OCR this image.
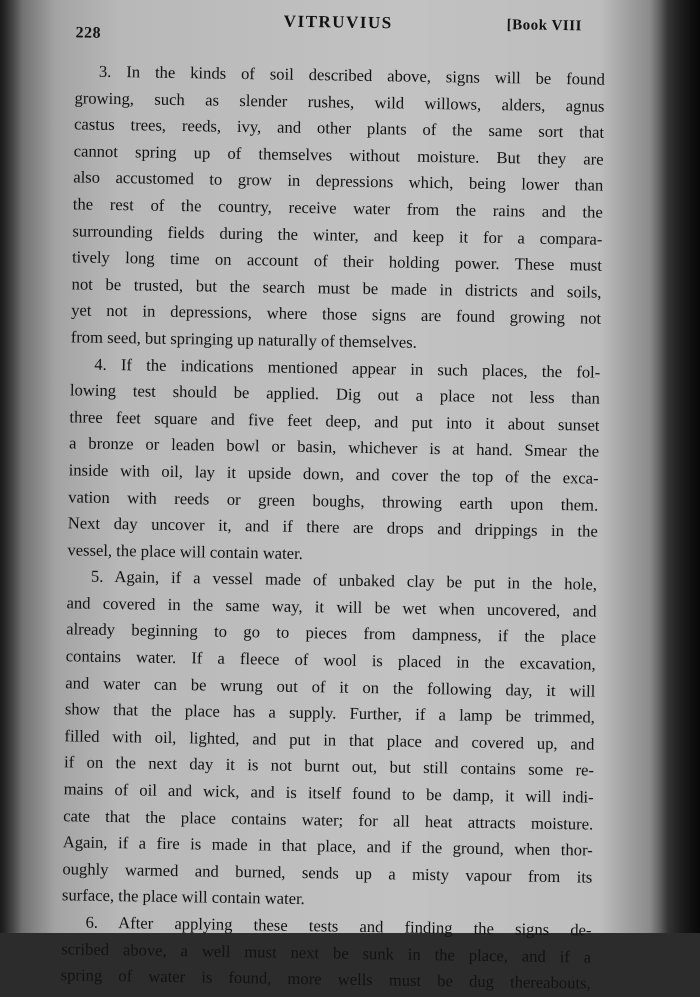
228
VITRUVIUS	[Book VIII
3. In the kinds of soil described above, signs will be found
growing, such as slender rushes, wild willows, alders, agnus
castus trees, reeds, ivy, and other plants of the same sort that
cannot spring up of themselves without moisture. But they are
also accustomed to grow in depressions which, being lower than
the rest of the country, receive water from the rains and the
surrounding fields during the winter, and keep it for a compara-
tively long time on account of their holding power. These must
not be trusted, but the search must be made in districts and soils,
yet not in depressions, where those signs are found growing not
from seed, but springing up naturally of themselves.
4. If the indications mentioned appear in such places, the fol-
lowing test should be applied. Dig out a place not less than
three feet square and five feet deep, and put into it about sunset
a bronze or leaden bowl or basin, whichever is at hand. Smear the
inside with oil, lay it upside down, and cover the top of the exca-
vation with reeds or green boughs, throwing earth upon them.
Next day uncover it, and if there are drops and drippings in the
vessel, the place will contain water.
5. Again, if a vessel made of unbaked clay be put in the hole,
and covered in the same way, it will be wet when uncovered, and
already beginning to go to pieces from dampness, if the place
contains water. If a fleece of wool is placed in the excavation,
and water can be wrung out of it on the following day, it will
show that the place has a supply. Further, if a lamp be trimmed,
filled with oil, lighted, and put in that place and covered up, and
if on the next day it is not burnt out, but still contains some re-
mains of oil and wick, and is itself found to be damp, it will indi-
cate that the place contains water; for all heat attracts moisture.
Again, if a fire is made in that place, and if the ground, when thor-
oughly warmed and burned, sends up a misty vapour from its
surface, the place will contain water.
6. After applying these tests and finding the signs de-
scribed above, a well must next be sunk in the place, and if a
spring of water is found, more wells must be dug thereabouts,
